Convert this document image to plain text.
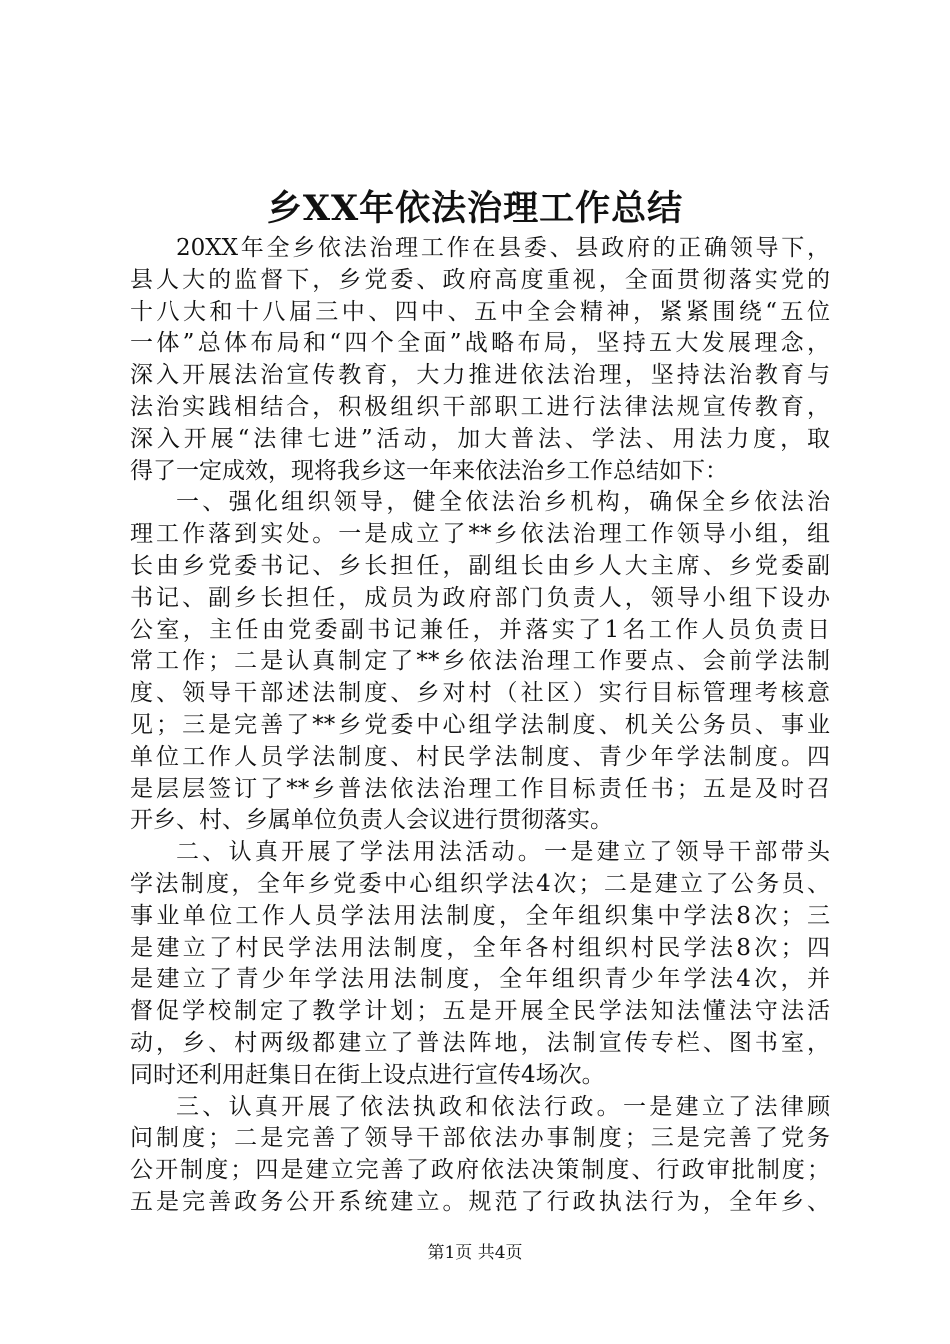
乡XX年依法治理工作总结
20XX年全乡依法治理工作在县委、县政府的正确领导下，
县人大的监督下，乡党委、政府高度重视，全面贯彻落实党的
十八大和十八届三中、四中、五中全会精神，紧紧围绕“五位
一体”总体布局和“四个全面”战略布局，坚持五大发展理念，
深入开展法治宣传教育，大力推进依法治理，坚持法治教育与
法治实践相结合，积极组织干部职工进行法律法规宣传教育，
深入开展“法律七进”活动，加大普法、学法、用法力度，取
得了一定成效，现将我乡这一年来依法治乡工作总结如下：
一、强化组织领导，健全依法治乡机构，确保全乡依法治
理工作落到实处。一是成立了**乡依法治理工作领导小组，组
长由乡党委书记、乡长担任，副组长由乡人大主席、乡党委副
书记、副乡长担任，成员为政府部门负责人，领导小组下设办
公室，主任由党委副书记兼任，并落实了1名工作人员负责日
常工作；二是认真制定了**乡依法治理工作要点、会前学法制
度、领导干部述法制度、乡对村（社区）实行目标管理考核意
见；三是完善了**乡党委中心组学法制度、机关公务员、事业
单位工作人员学法制度、村民学法制度、青少年学法制度。四
是层层签订了**乡普法依法治理工作目标责任书；五是及时召
开乡、村、乡属单位负责人会议进行贯彻落实。
二、认真开展了学法用法活动。一是建立了领导干部带头
学法制度，全年乡党委中心组织学法4次；二是建立了公务员、
事业单位工作人员学法用法制度，全年组织集中学法8次；三
是建立了村民学法用法制度，全年各村组织村民学法8次；四
是建立了青少年学法用法制度，全年组织青少年学法4次，并
督促学校制定了教学计划；五是开展全民学法知法懂法守法活
动，乡、村两级都建立了普法阵地，法制宣传专栏、图书室，
同时还利用赶集日在街上设点进行宣传4场次。
三、认真开展了依法执政和依法行政。一是建立了法律顾
问制度；二是完善了领导干部依法办事制度；三是完善了党务
公开制度；四是建立完善了政府依法决策制度、行政审批制度；
五是完善政务公开系统建立。规范了行政执法行为，全年乡、
第1页 共4页
